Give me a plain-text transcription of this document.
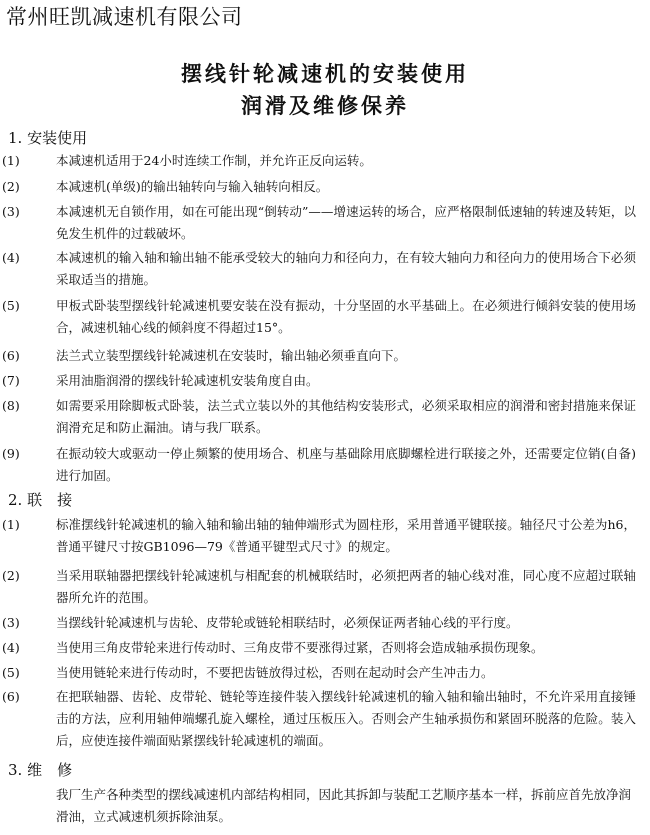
常州旺凯减速机有限公司
摆线针轮减速机的安装使用
润滑及维修保养
1. 安装使用
(1)	本减速机适用于24小时连续工作制，并允许正反向运转。
(2)	本减速机(单级)的输出轴转向与输入轴转向相反。
(3)	本减速机无自锁作用，如在可能出现“倒转动”——增速运转的场合，应严格限制低速轴的转速及转矩，以免发生机件的过载破坏。
(4)	本减速机的输入轴和输出轴不能承受较大的轴向力和径向力，在有较大轴向力和径向力的使用场合下必须采取适当的措施。
(5)	甲板式卧装型摆线针轮减速机要安装在没有振动，十分坚固的水平基础上。在必须进行倾斜安装的使用场合，减速机轴心线的倾斜度不得超过15°。
(6)	法兰式立装型摆线针轮减速机在安装时，输出轴必须垂直向下。
(7)	采用油脂润滑的摆线针轮减速机安装角度自由。
(8)	如需要采用除脚板式卧装，法兰式立装以外的其他结构安装形式，必须采取相应的润滑和密封措施来保证润滑充足和防止漏油。请与我厂联系。
(9)	在振动较大或驱动一停止频繁的使用场合、机座与基础除用底脚螺栓进行联接之外，还需要定位销(自备)进行加固。
2. 联　接
(1)	标准摆线针轮减速机的输入轴和输出轴的轴伸端形式为圆柱形，采用普通平键联接。轴径尺寸公差为h6，普通平键尺寸按GB1096—79《普通平键型式尺寸》的规定。
(2)	当采用联轴器把摆线针轮减速机与相配套的机械联结时，必须把两者的轴心线对准，同心度不应超过联轴器所允许的范围。
(3)	当摆线针轮减速机与齿轮、皮带轮或链轮相联结时，必须保证两者轴心线的平行度。
(4)	当使用三角皮带轮来进行传动时、三角皮带不要涨得过紧，否则将会造成轴承损伤现象。
(5)	当使用链轮来进行传动时，不要把齿链放得过松，否则在起动时会产生冲击力。
(6)	在把联轴器、齿轮、皮带轮、链轮等连接件装入摆线针轮减速机的输入轴和输出轴时，不允许采用直接锤击的方法，应利用轴伸端螺孔旋入螺栓，通过压板压入。否则会产生轴承损伤和紧固环脱落的危险。装入后，应使连接件端面贴紧摆线针轮减速机的端面。
3. 维　修
我厂生产各种类型的摆线减速机内部结构相同，因此其拆卸与装配工艺顺序基本一样，拆前应首先放净润滑油，立式减速机须拆除油泵。
